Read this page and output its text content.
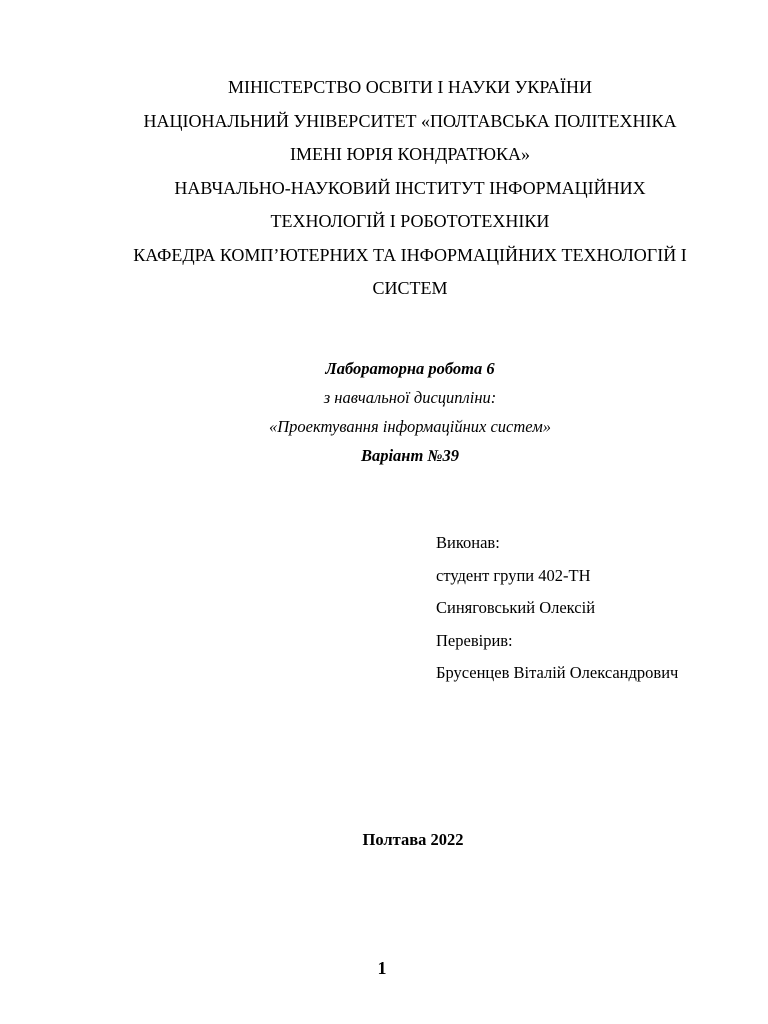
МІНІСТЕРСТВО ОСВІТИ І НАУКИ УКРАЇНИ
НАЦІОНАЛЬНИЙ УНІВЕРСИТЕТ «ПОЛТАВСЬКА ПОЛІТЕХНІКА
ІМЕНІ ЮРІЯ КОНДРАТЮКА»
НАВЧАЛЬНО-НАУКОВИЙ ІНСТИТУТ ІНФОРМАЦІЙНИХ
ТЕХНОЛОГІЙ І РОБОТОТЕХНІКИ
КАФЕДРА КОМП’ЮТЕРНИХ ТА ІНФОРМАЦІЙНИХ ТЕХНОЛОГІЙ І
СИСТЕМ
Лабораторна робота 6
з навчальної дисципліни:
«Проектування інформаційних систем»
Варіант №39
Виконав:
студент групи 402-ТН
Синяговський Олексій
Перевірив:
Брусенцев Віталій Олександрович
Полтава 2022
1
